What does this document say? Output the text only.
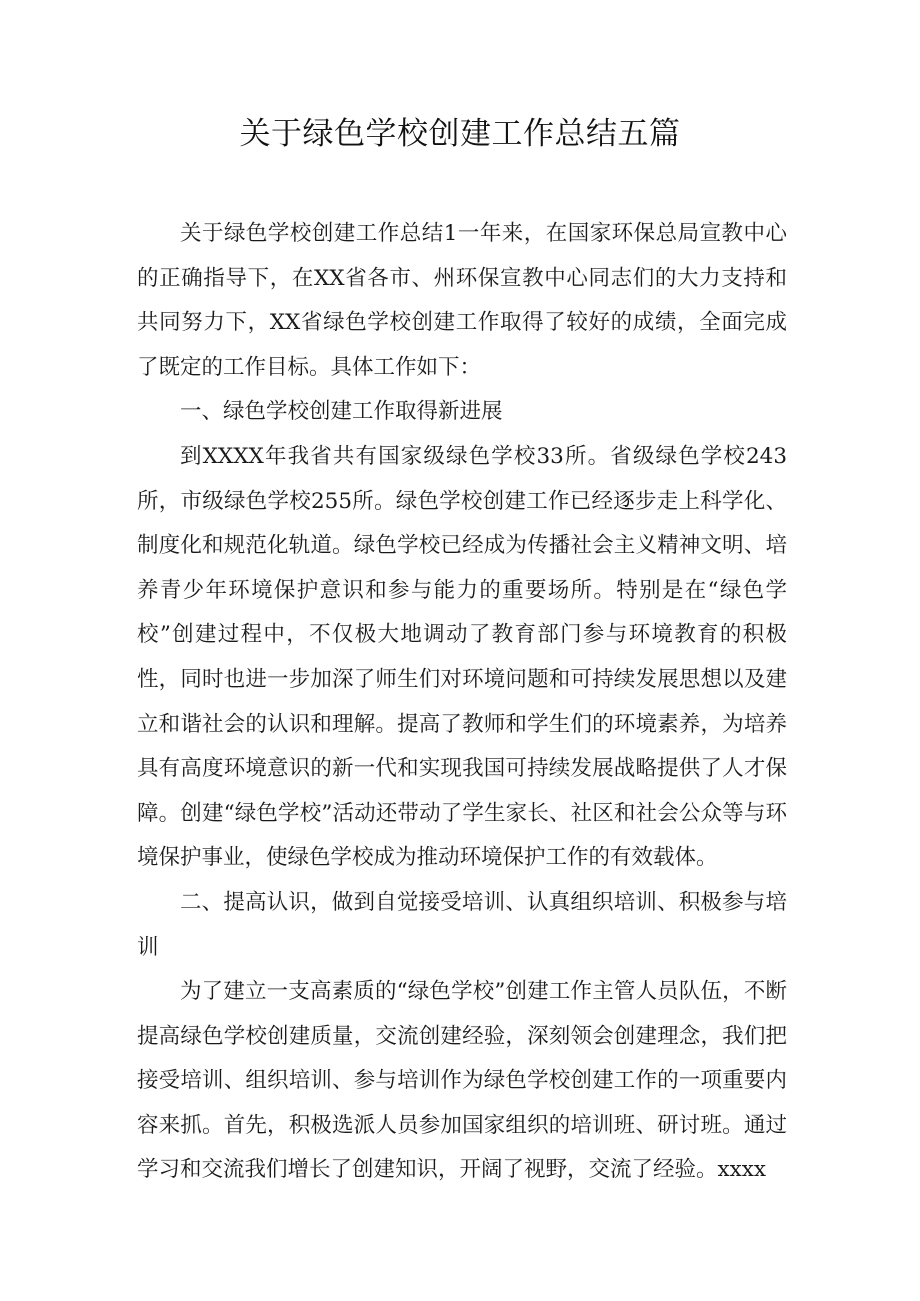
关于绿色学校创建工作总结五篇

关于绿色学校创建工作总结1一年来，在国家环保总局宣教中心的正确指导下，在XX省各市、州环保宣教中心同志们的大力支持和共同努力下，XX省绿色学校创建工作取得了较好的成绩，全面完成了既定的工作目标。具体工作如下：

一、绿色学校创建工作取得新进展

到XXXX年我省共有国家级绿色学校33所。省级绿色学校243所，市级绿色学校255所。绿色学校创建工作已经逐步走上科学化、制度化和规范化轨道。绿色学校已经成为传播社会主义精神文明、培养青少年环境保护意识和参与能力的重要场所。特别是在“绿色学校”创建过程中，不仅极大地调动了教育部门参与环境教育的积极性，同时也进一步加深了师生们对环境问题和可持续发展思想以及建立和谐社会的认识和理解。提高了教师和学生们的环境素养，为培养具有高度环境意识的新一代和实现我国可持续发展战略提供了人才保障。创建“绿色学校”活动还带动了学生家长、社区和社会公众等与环境保护事业，使绿色学校成为推动环境保护工作的有效载体。

二、提高认识，做到自觉接受培训、认真组织培训、积极参与培训

为了建立一支高素质的“绿色学校”创建工作主管人员队伍，不断提高绿色学校创建质量，交流创建经验，深刻领会创建理念，我们把接受培训、组织培训、参与培训作为绿色学校创建工作的一项重要内容来抓。首先，积极选派人员参加国家组织的培训班、研讨班。通过学习和交流我们增长了创建知识，开阔了视野，交流了经验。xxxx
